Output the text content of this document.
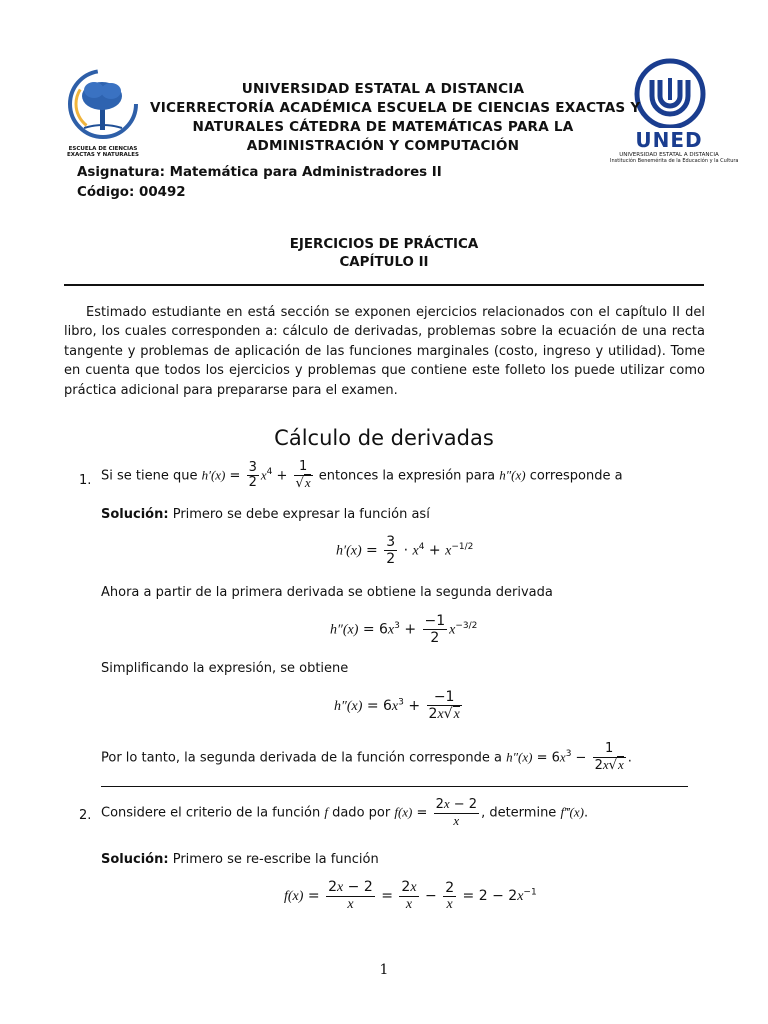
ESCUELA DE CIENCIAS
EXACTAS Y NATURALES
UNED
UNIVERSIDAD ESTATAL A DISTANCIA
Institución Benemérita de la Educación y la Cultura
UNIVERSIDAD ESTATAL A DISTANCIA
VICERRECTORÍA ACADÉMICA ESCUELA DE CIENCIAS EXACTAS Y
NATURALES CÁTEDRA DE MATEMÁTICAS PARA LA
ADMINISTRACIÓN Y COMPUTACIÓN
Asignatura: Matemática para Administradores II
Código: 00492
EJERCICIOS DE PRÁCTICA
CAPÍTULO II
Estimado estudiante en está sección se exponen ejercicios relacionados con el capítulo II del libro, los cuales corresponden a: cálculo de derivadas, problemas sobre la ecuación de una recta tangente y problemas de aplicación de las funciones marginales (costo, ingreso y utilidad). Tome en cuenta que todos los ejercicios y problemas que contiene este folleto los puede utilizar como práctica adicional para prepararse para el examen.
Cálculo de derivadas
1. Si se tiene que $h'(x) = \frac{3}{2} x^4 + \frac{1}{√x}$ entonces la expresión para h″(x) corresponde a
Solución: Primero se debe expresar la función así
$h'(x) = \frac{3}{2} \cdot x^4 + x^{-1/2}$
Ahora a partir de la primera derivada se obtiene la segunda derivada
$h''(x) = 6x^3 + \frac{-1}{2} x^{-3/2}$
Simplificando la expresión, se obtiene
$h''(x) = 6x^3 + \frac{-1}{2x√x}$
Por lo tanto, la segunda derivada de la función corresponde a $h''(x) = 6x^3 - \frac{1}{2x√x}$ .
2. Considere el criterio de la función f dado por $f(x) = \frac{2x - 2}{x}$ , determine f‴(x).
Solución: Primero se re-escribe la función
$f(x) = \frac{2x - 2}{x} = \frac{2x}{x} - \frac{2}{x} = 2 - 2x^{-1}$
1
